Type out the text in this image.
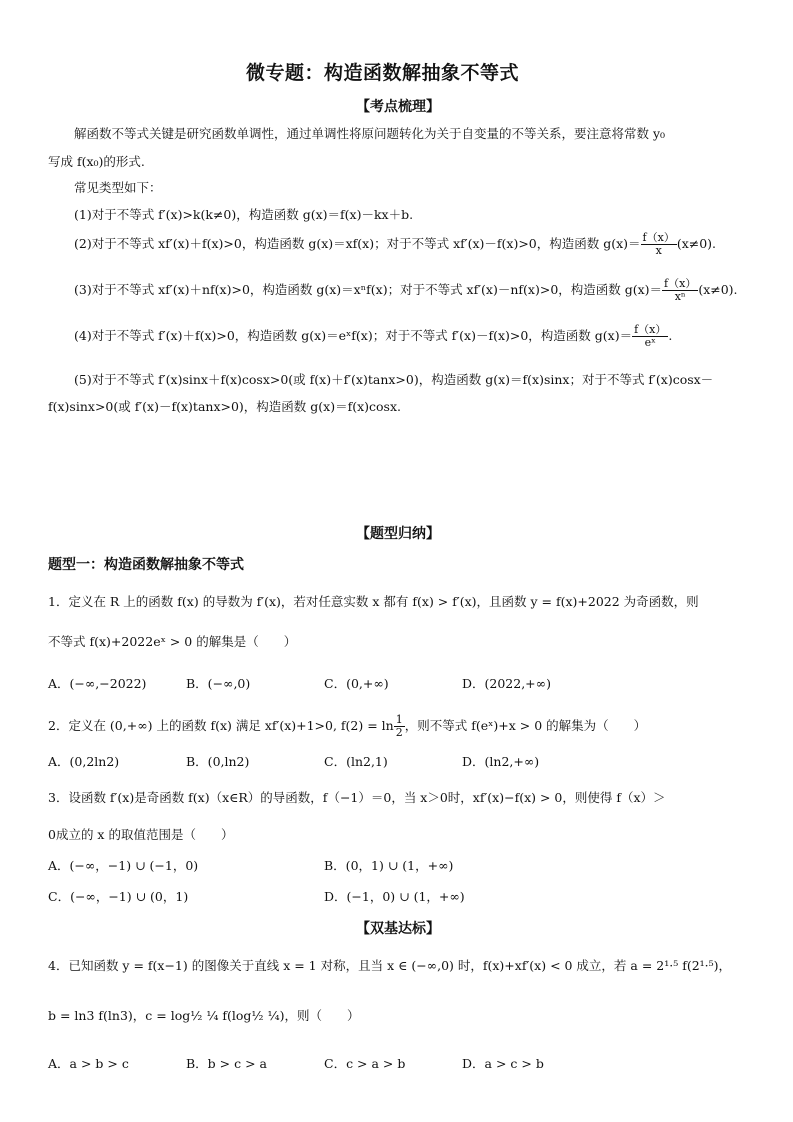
微专题：构造函数解抽象不等式
【考点梳理】
解函数不等式关键是研究函数单调性，通过单调性将原问题转化为关于自变量的不等关系，要注意将常数 y₀
写成 f(x₀)的形式.
常见类型如下：
(1)对于不等式 f′(x)>k(k≠0)，构造函数 g(x)＝f(x)－kx＋b.
(2)对于不等式 xf′(x)＋f(x)>0，构造函数 g(x)＝xf(x)；对于不等式 xf′(x)－f(x)>0，构造函数 $g(x)= \frac{f(x)}{x} (x\ne 0)$.
(3)对于不等式 xf′(x)＋nf(x)>0，构造函数 g(x)＝xⁿf(x)；对于不等式 xf′(x)－nf(x)>0，构造函数 $g(x)= \frac{f(x)}{\text{xⁿ}} (x\ne 0)$.
(4)对于不等式 f′(x)＋f(x)>0，构造函数 g(x)＝eˣf(x)；对于不等式 f′(x)－f(x)>0，构造函数 $g(x)= \frac{f(x)}{\text{eˣ}}$ .
(5)对于不等式 f′(x)sinx＋f(x)cosx>0(或 f(x)＋f′(x)tanx>0)，构造函数 g(x)＝f(x)sinx；对于不等式 f′(x)cosx－
f(x)sinx>0(或 f′(x)－f(x)tanx>0)，构造函数 g(x)＝f(x)cosx.
【题型归纳】
题型一：构造函数解抽象不等式
1．定义在 R 上的函数 f(x) 的导数为 f′(x)，若对任意实数 x 都有 f(x) > f′(x)，且函数 y = f(x)+2022 为奇函数，则
不等式 f(x)+2022eˣ > 0 的解集是（　　）
A．(−∞,−2022)	B．(−∞,0)	C．(0,+∞)	D．(2022,+∞)
2．定义在 (0,+∞) 上的函数 f(x) 满足 xf′(x)+1>0, $f(2) = \ln \frac{1}{2}$ ，则不等式 f(eˣ)+x > 0 的解集为（　　）
A．(0,2ln2)	B．(0,ln2)	C．(ln2,1)	D．(ln2,+∞)
3．设函数 f′(x)是奇函数 f(x)（x∈R）的导函数，f（−1）＝0，当 x＞0时，xf′(x)−f(x) > 0，则使得 f（x）＞
0成立的 x 的取值范围是（　　）
A．(−∞，−1) ∪ (−1，0)	B．(0，1) ∪ (1，+∞)
C．(−∞，−1) ∪ (0，1)	D．(−1，0) ∪ (1，+∞)
【双基达标】
4．已知函数 y = f(x−1) 的图像关于直线 x = 1 对称，且当 x ∈ (−∞,0) 时，f(x)+xf′(x) < 0 成立，若 a = 2¹·⁵ f(2¹·⁵)，
b = ln3 f(ln3)，c = log½ ¼ f(log½ ¼)，则（　　）
A．a > b > c	B．b > c > a	C．c > a > b	D．a > c > b
